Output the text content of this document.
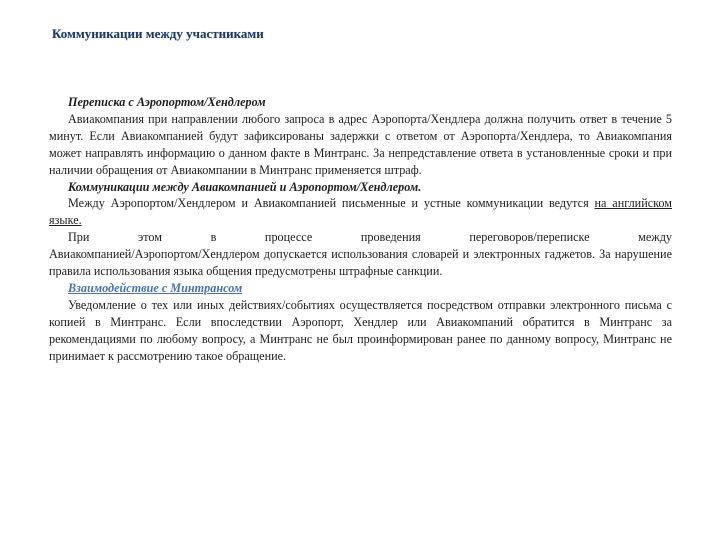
Коммуникации между участниками

Переписка с Аэропортом/Хендлером

Авиакомпания при направлении любого запроса в адрес Аэропорта/Хендлера должна получить ответ в течение 5 минут. Если Авиакомпанией будут зафиксированы задержки с ответом от Аэропорта/Хендлера, то Авиакомпания может направлять информацию о данном факте в Минтранс. За непредставление ответа в установленные сроки и при наличии обращения от Авиакомпании в Минтранс применяется штраф.

Коммуникации между Авиакомпанией и Аэропортом/Хендлером.

Между Аэропортом/Хендлером и Авиакомпанией письменные и устные коммуникации ведутся на английском языке.

При этом в процессе проведения переговоров/переписке между

Авиакомпанией/Аэропортом/Хендлером допускается использования словарей и электронных гаджетов. За нарушение правила использования языка общения предусмотрены штрафные санкции.

Взаимодействие с Минтрансом

Уведомление о тех или иных действиях/событиях осуществляется посредством отправки электронного письма с копией в Минтранс. Если впоследствии Аэропорт, Хендлер или Авиакомпаний обратится в Минтранс за рекомендациями по любому вопросу, а Минтранс не был проинформирован ранее по данному вопросу, Минтранс не принимает к рассмотрению такое обращение.
